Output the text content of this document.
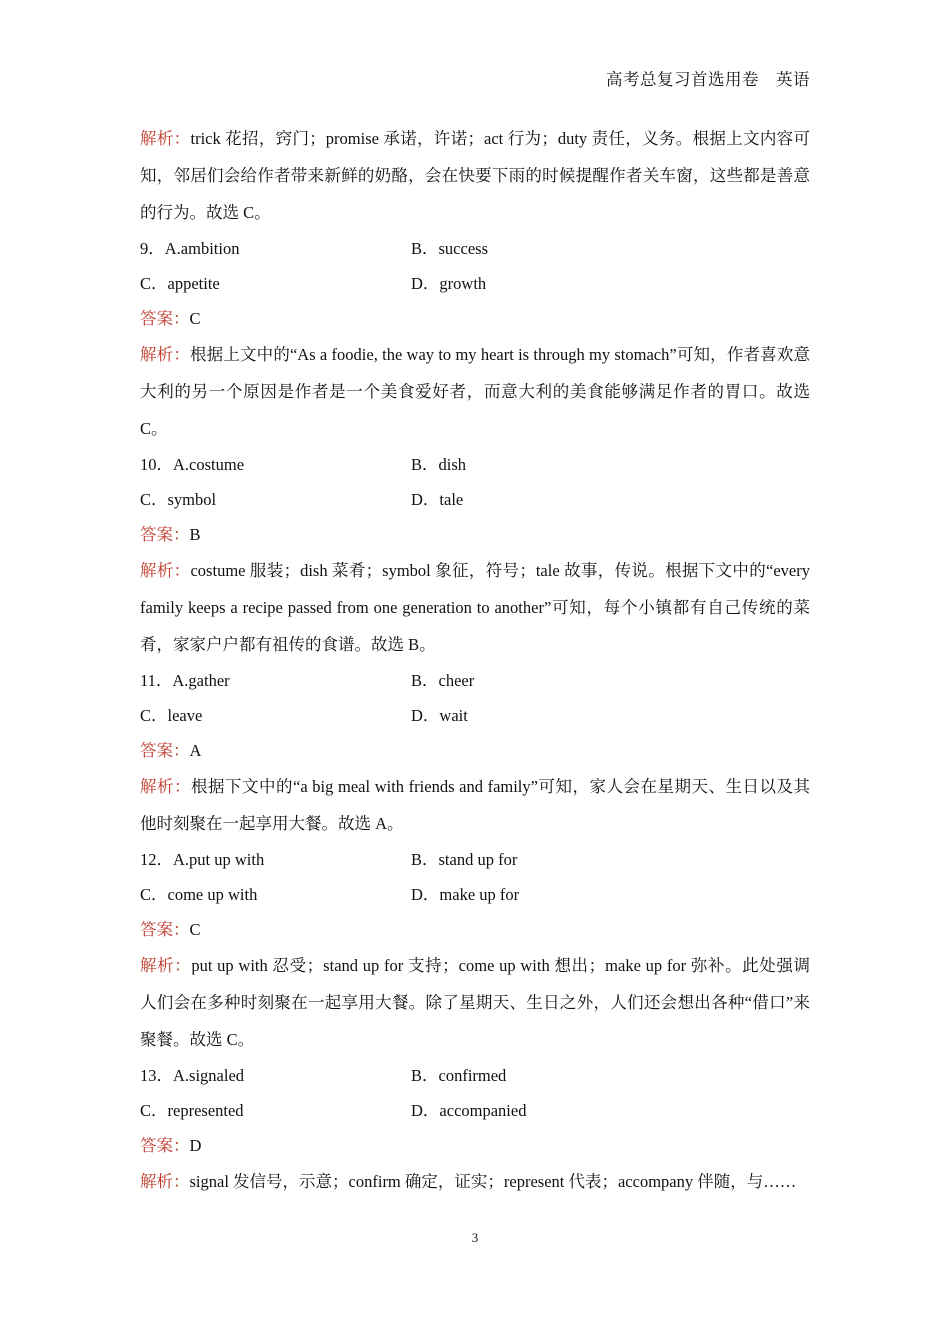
高考总复习首选用卷　英语

解析：trick 花招，窍门；promise 承诺，许诺；act 行为；duty 责任，义务。根据上文内容可知，邻居们会给作者带来新鲜的奶酪，会在快要下雨的时候提醒作者关车窗，这些都是善意的行为。故选 C。

9．A.ambition	B．success
C．appetite	D．growth

答案：C

解析：根据上文中的“As a foodie, the way to my heart is through my stomach”可知，作者喜欢意大利的另一个原因是作者是一个美食爱好者，而意大利的美食能够满足作者的胃口。故选 C。

10．A.costume	B．dish
C．symbol	D．tale

答案：B

解析：costume 服装；dish 菜肴；symbol 象征，符号；tale 故事，传说。根据下文中的“every family keeps a recipe passed from one generation to another”可知，每个小镇都有自己传统的菜肴，家家户户都有祖传的食谱。故选 B。

11．A.gather	B．cheer
C．leave	D．wait

答案：A

解析：根据下文中的“a big meal with friends and family”可知，家人会在星期天、生日以及其他时刻聚在一起享用大餐。故选 A。

12．A.put up with	B．stand up for
C．come up with	D．make up for

答案：C

解析：put up with 忍受；stand up for 支持；come up with 想出；make up for 弥补。此处强调人们会在多种时刻聚在一起享用大餐。除了星期天、生日之外，人们还会想出各种“借口”来聚餐。故选 C。

13．A.signaled	B．confirmed
C．represented	D．accompanied

答案：D

解析：signal 发信号，示意；confirm 确定，证实；represent 代表；accompany 伴随，与……

3
